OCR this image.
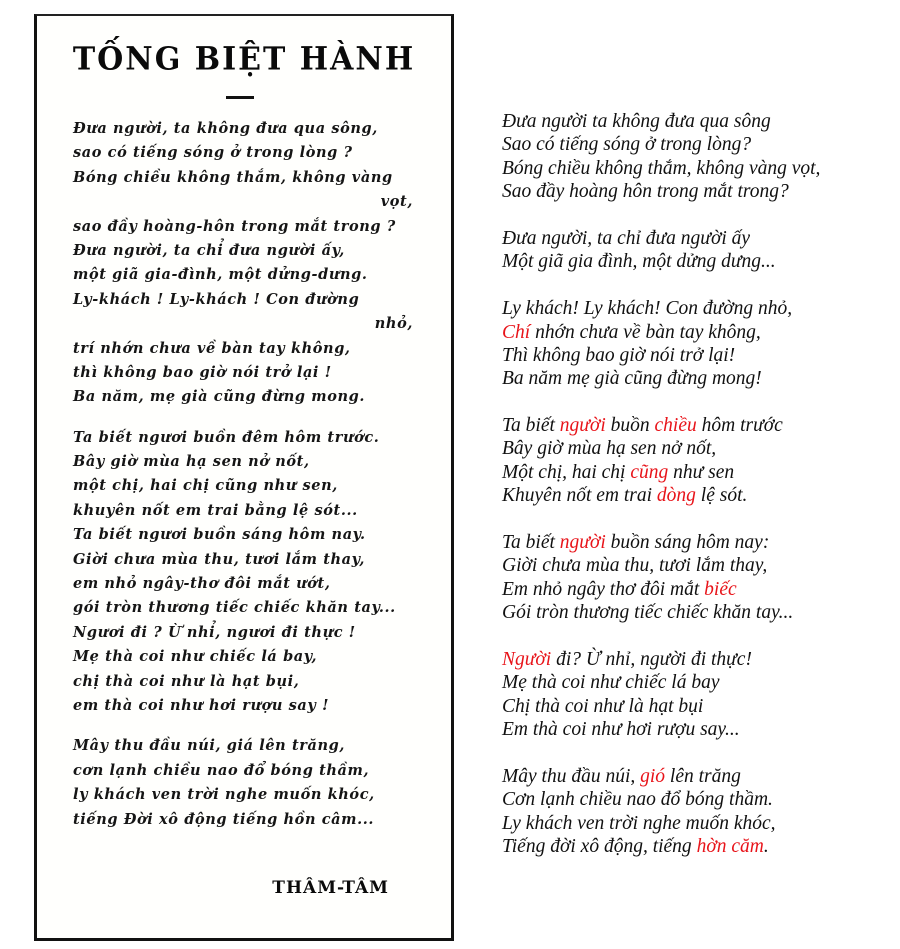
TỐNG BIỆT HÀNH
Đưa người, ta không đưa qua sông,
sao có tiếng sóng ở trong lòng ?
Bóng chiều không thắm, không vàng
vọt,
sao đầy hoàng-hôn trong mắt trong ?
Đưa người, ta chỉ đưa người ấy,
một giã gia-đình, một dửng-dưng.
Ly-khách ! Ly-khách ! Con đường
nhỏ,
trí nhớn chưa về bàn tay không,
thì không bao giờ nói trở lại !
Ba năm, mẹ già cũng đừng mong.
Ta biết ngươi buồn đêm hôm trước.
Bây giờ mùa hạ sen nở nốt,
một chị, hai chị cũng như sen,
khuyên nốt em trai bằng lệ sót...
Ta biết ngươi buồn sáng hôm nay.
Giời chưa mùa thu, tươi lắm thay,
em nhỏ ngây-thơ đôi mắt ướt,
gói tròn thương tiếc chiếc khăn tay...
Ngươi đi ? Ừ nhỉ, ngươi đi thực !
Mẹ thà coi như chiếc lá bay,
chị thà coi như là hạt bụi,
em thà coi như hơi rượu say !
Mây thu đầu núi, giá lên trăng,
cơn lạnh chiều nao đổ bóng thầm,
ly khách ven trời nghe muốn khóc,
tiếng Đời xô động tiếng hồn câm...
THÂM-TÂM
Đưa người ta không đưa qua sông
Sao có tiếng sóng ở trong lòng?
Bóng chiều không thắm, không vàng vọt,
Sao đầy hoàng hôn trong mắt trong?
Đưa người, ta chỉ đưa người ấy
Một giã gia đình, một dửng dưng...
Ly khách! Ly khách! Con đường nhỏ,
Chí nhớn chưa về bàn tay không,
Thì không bao giờ nói trở lại!
Ba năm mẹ già cũng đừng mong!
Ta biết người buồn chiều hôm trước
Bây giờ mùa hạ sen nở nốt,
Một chị, hai chị cũng như sen
Khuyên nốt em trai dòng lệ sót.
Ta biết người buồn sáng hôm nay:
Giời chưa mùa thu, tươi lắm thay,
Em nhỏ ngây thơ đôi mắt biếc
Gói tròn thương tiếc chiếc khăn tay...
Người đi? Ừ nhỉ, người đi thực!
Mẹ thà coi như chiếc lá bay
Chị thà coi như là hạt bụi
Em thà coi như hơi rượu say...
Mây thu đầu núi, gió lên trăng
Cơn lạnh chiều nao đổ bóng thầm.
Ly khách ven trời nghe muốn khóc,
Tiếng đời xô động, tiếng hờn căm.
